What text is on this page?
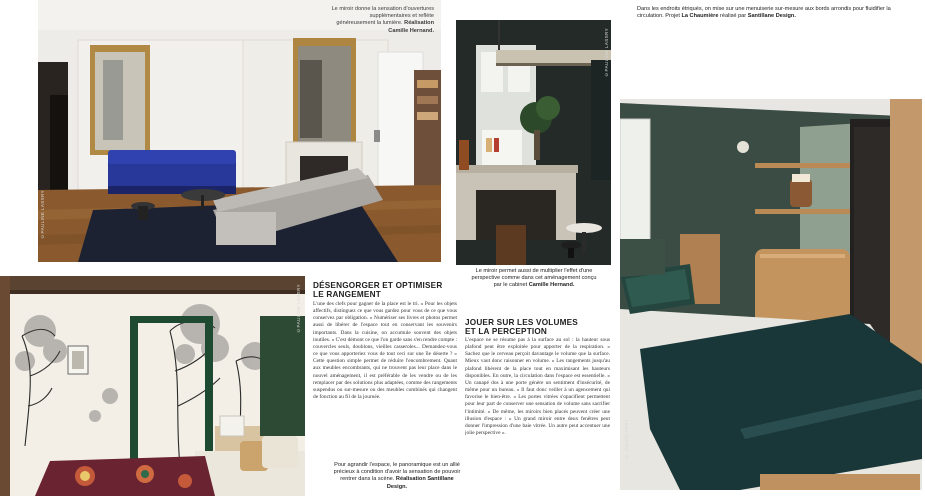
Le miroir donne la sensation d'ouvertures supplémentaires et reflète généreusement la lumière. Réalisation Camille Hernand.
©PAULINE LASSRY
©PAULINE LASSRY
Le miroir permet aussi de multiplier l'effet d'une perspective comme dans cet aménagement conçu par le cabinet Camille Hernand.
Dans les endroits étriqués, on mise sur une menuiserie sur-mesure aux bords arrondis pour fluidifier la circulation. Projet La Chaumière réalisé par Santillane Design.
© JULIEN FERT
©PAULINE LASSRY
Pour agrandir l'espace, le panoramique est un allié précieux à condition d'avoir la sensation de pouvoir rentrer dans la scène. Réalisation Santillane Design.
DÉSENGORGER ET OPTIMISER
LE RANGEMENT
L'une des clefs pour gagner de la place est le tri. « Pour les objets affectifs, distinguez ce que vous gardez pour vous de ce que vous conservez par obligation. » Numériser ses livres et photos permet aussi de libérer de l'espace tout en conservant les souvenirs importants. Dans la cuisine, on accumule souvent des objets inutiles. « C'est démont ce que l'on garde sans s'en rendre compte : couvercles seuls, doublons, vieilles casseroles... Demandez-vous ce que vous apporteriez vous de tout ceci sur une île déserte ? » Cette question simple permet de réduire l'encombrement. Quant aux meubles encombrants, qui ne trouvent pas leur place dans le nouvel aménagement, il est préférable de les vendre ou de les remplacer par des solutions plus adaptées, comme des rangements suspendus ou sur-mesure ou des meubles combinés qui changent de fonction au fil de la journée.
JOUER SUR LES VOLUMES
ET LA PERCEPTION
L'espace ne se résume pas à la surface au sol : la hauteur sous plafond peut être exploitée pour apporter de la respiration. « Sachez que le cerveau perçoit davantage le volume que la surface. Mieux vaut donc raisonner en volume. » Les rangements jusqu'au plafond libèrent de la place tout en maximisant les hauteurs disponibles. En outre, la circulation dans l'espace est essentielle. « Un canapé dos à une porte génère un sentiment d'insécurité, de même pour un bureau. » Il faut donc veiller à un agencement qui favorise le bien-être. « Les portes vitrées s'opacifient permettent pour leur part de conserver une sensation de volume sans sacrifier l'intimité. » De même, les miroirs bien placés peuvent créer une illusion d'espace : « Un grand miroir entre deux fenêtres peut donner l'impression d'une baie vitrée. Un autre peut accentuer une jolie perspective ».
